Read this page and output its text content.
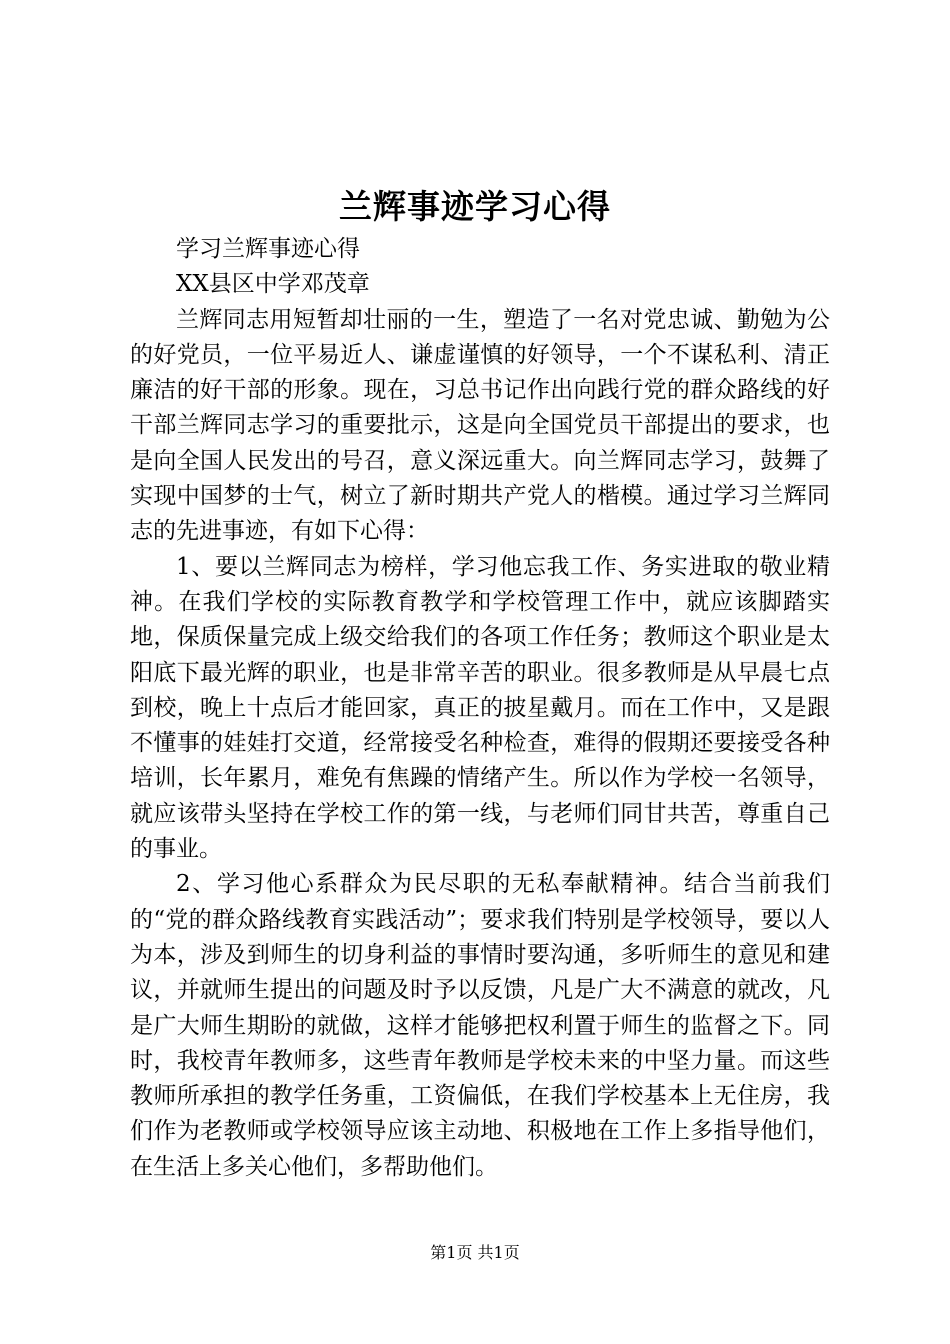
兰辉事迹学习心得

学习兰辉事迹心得

XX县区中学邓茂章

兰辉同志用短暂却壮丽的一生，塑造了一名对党忠诚、勤勉为公的好党员，一位平易近人、谦虚谨慎的好领导，一个不谋私利、清正廉洁的好干部的形象。现在，习总书记作出向践行党的群众路线的好干部兰辉同志学习的重要批示，这是向全国党员干部提出的要求，也是向全国人民发出的号召，意义深远重大。向兰辉同志学习，鼓舞了实现中国梦的士气，树立了新时期共产党人的楷模。通过学习兰辉同志的先进事迹，有如下心得：

1、要以兰辉同志为榜样，学习他忘我工作、务实进取的敬业精神。在我们学校的实际教育教学和学校管理工作中，就应该脚踏实地，保质保量完成上级交给我们的各项工作任务；教师这个职业是太阳底下最光辉的职业，也是非常辛苦的职业。很多教师是从早晨七点到校，晚上十点后才能回家，真正的披星戴月。而在工作中，又是跟不懂事的娃娃打交道，经常接受名种检查，难得的假期还要接受各种培训，长年累月，难免有焦躁的情绪产生。所以作为学校一名领导，就应该带头坚持在学校工作的第一线，与老师们同甘共苦，尊重自己的事业。

2、学习他心系群众为民尽职的无私奉献精神。结合当前我们的“党的群众路线教育实践活动”；要求我们特别是学校领导，要以人为本，涉及到师生的切身利益的事情时要沟通，多听师生的意见和建议，并就师生提出的问题及时予以反馈，凡是广大不满意的就改，凡是广大师生期盼的就做，这样才能够把权利置于师生的监督之下。同时，我校青年教师多，这些青年教师是学校未来的中坚力量。而这些教师所承担的教学任务重，工资偏低，在我们学校基本上无住房，我们作为老教师或学校领导应该主动地、积极地在工作上多指导他们，在生活上多关心他们，多帮助他们。

第1页 共1页
